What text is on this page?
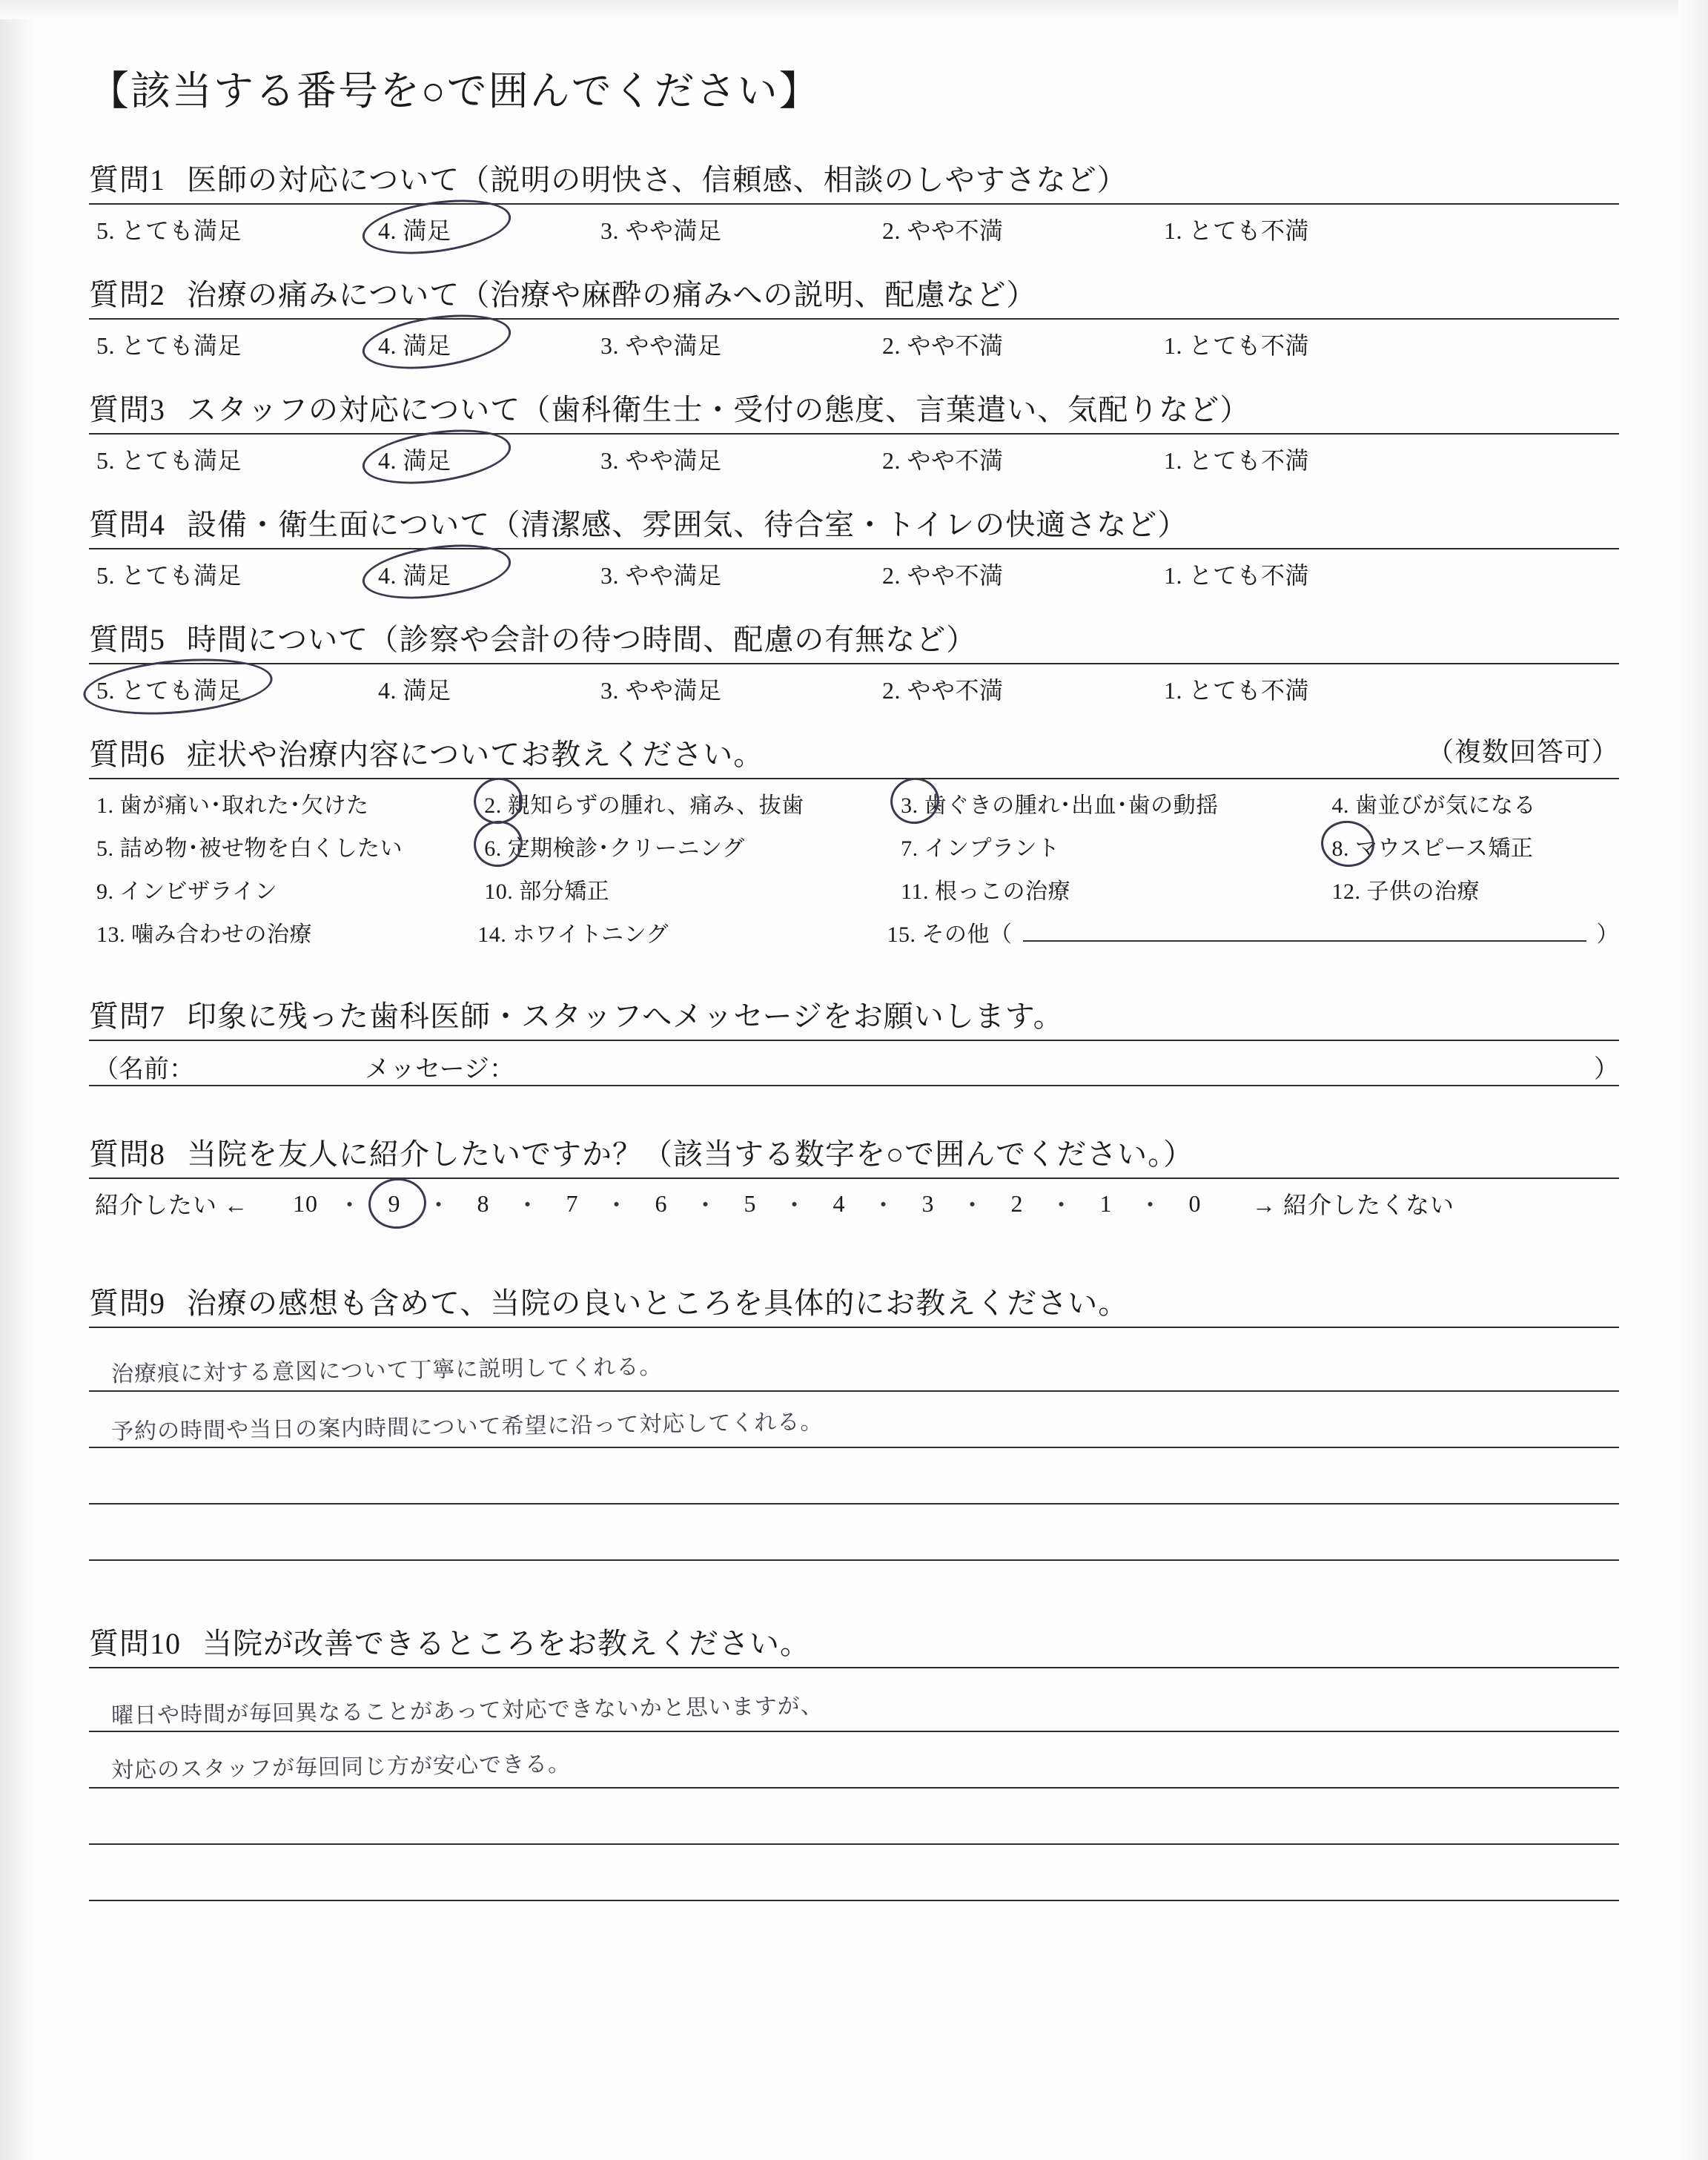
【該当する番号を○で囲んでください】
質問1 医師の対応について（説明の明快さ、信頼感、相談のしやすさなど）
5. とても満足	4. 満足	3. やや満足	2. やや不満	1. とても不満
質問2 治療の痛みについて（治療や麻酔の痛みへの説明、配慮など）
5. とても満足	4. 満足	3. やや満足	2. やや不満	1. とても不満
質問3 スタッフの対応について（歯科衛生士・受付の態度、言葉遣い、気配りなど）
5. とても満足	4. 満足	3. やや満足	2. やや不満	1. とても不満
質問4 設備・衛生面について（清潔感、雰囲気、待合室・トイレの快適さなど）
5. とても満足	4. 満足	3. やや満足	2. やや不満	1. とても不満
質問5 時間について（診察や会計の待つ時間、配慮の有無など）
5. とても満足	4. 満足	3. やや満足	2. やや不満	1. とても不満
（複数回答可）
質問6 症状や治療内容についてお教えください。
1. 歯が痛い･取れた･欠けた	2. 親知らずの腫れ、痛み、抜歯	3. 歯ぐきの腫れ･出血･歯の動揺	4. 歯並びが気になる
5. 詰め物･被せ物を白くしたい	6. 定期検診･クリーニング	7. インプラント	8. マウスピース矯正
9. インビザライン	10. 部分矯正	11. 根っこの治療	12. 子供の治療
13. 噛み合わせの治療	14. ホワイトニング	15. その他（	）
質問7 印象に残った歯科医師・スタッフへメッセージをお願いします。
（名前：	メッセージ：	）
質問8 当院を友人に紹介したいですか？（該当する数字を○で囲んでください。）
紹介したい ←	10 ・	9	・	8	・	7	・	6	・	5	・	4	・	3	・	2	・	1	・	0	→ 紹介したくない
質問9 治療の感想も含めて、当院の良いところを具体的にお教えください。
治療痕に対する意図について丁寧に説明してくれる。
予約の時間や当日の案内時間について希望に沿って対応してくれる。
質問10 当院が改善できるところをお教えください。
曜日や時間が毎回異なることがあって対応できないかと思いますが、
対応のスタッフが毎回同じ方が安心できる。
